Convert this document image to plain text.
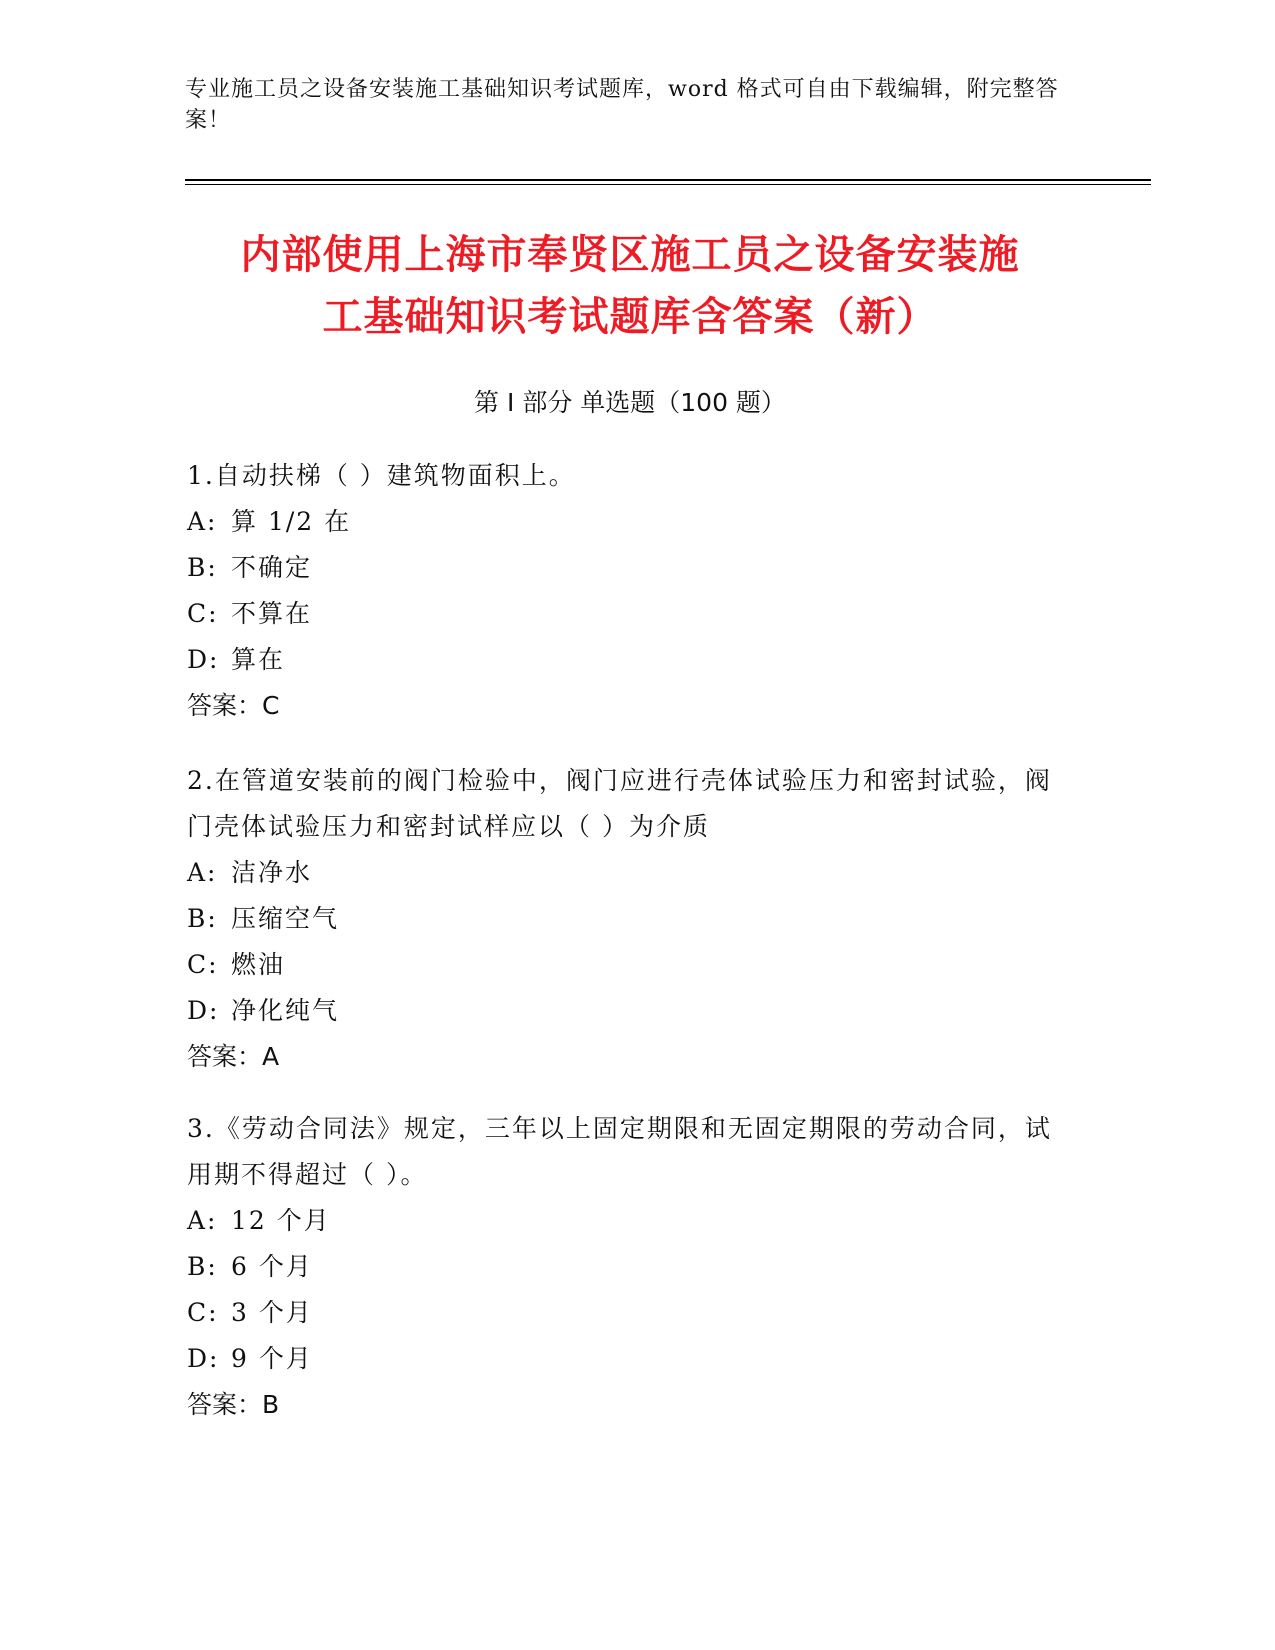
专业施工员之设备安装施工基础知识考试题库，word 格式可自由下载编辑，附完整答案！
内部使用上海市奉贤区施工员之设备安装施
工基础知识考试题库含答案（新）
第 I 部分 单选题（100 题）
1.自动扶梯（ ）建筑物面积上。
A: 算 1/2 在
B: 不确定
C: 不算在
D: 算在
答案：C
2.在管道安装前的阀门检验中，阀门应进行壳体试验压力和密封试验，阀门壳体试验压力和密封试样应以（ ）为介质
A: 洁净水
B: 压缩空气
C: 燃油
D: 净化纯气
答案：A
3.《劳动合同法》规定，三年以上固定期限和无固定期限的劳动合同，试用期不得超过（ ）。
A: 12 个月
B: 6 个月
C: 3 个月
D: 9 个月
答案：B
